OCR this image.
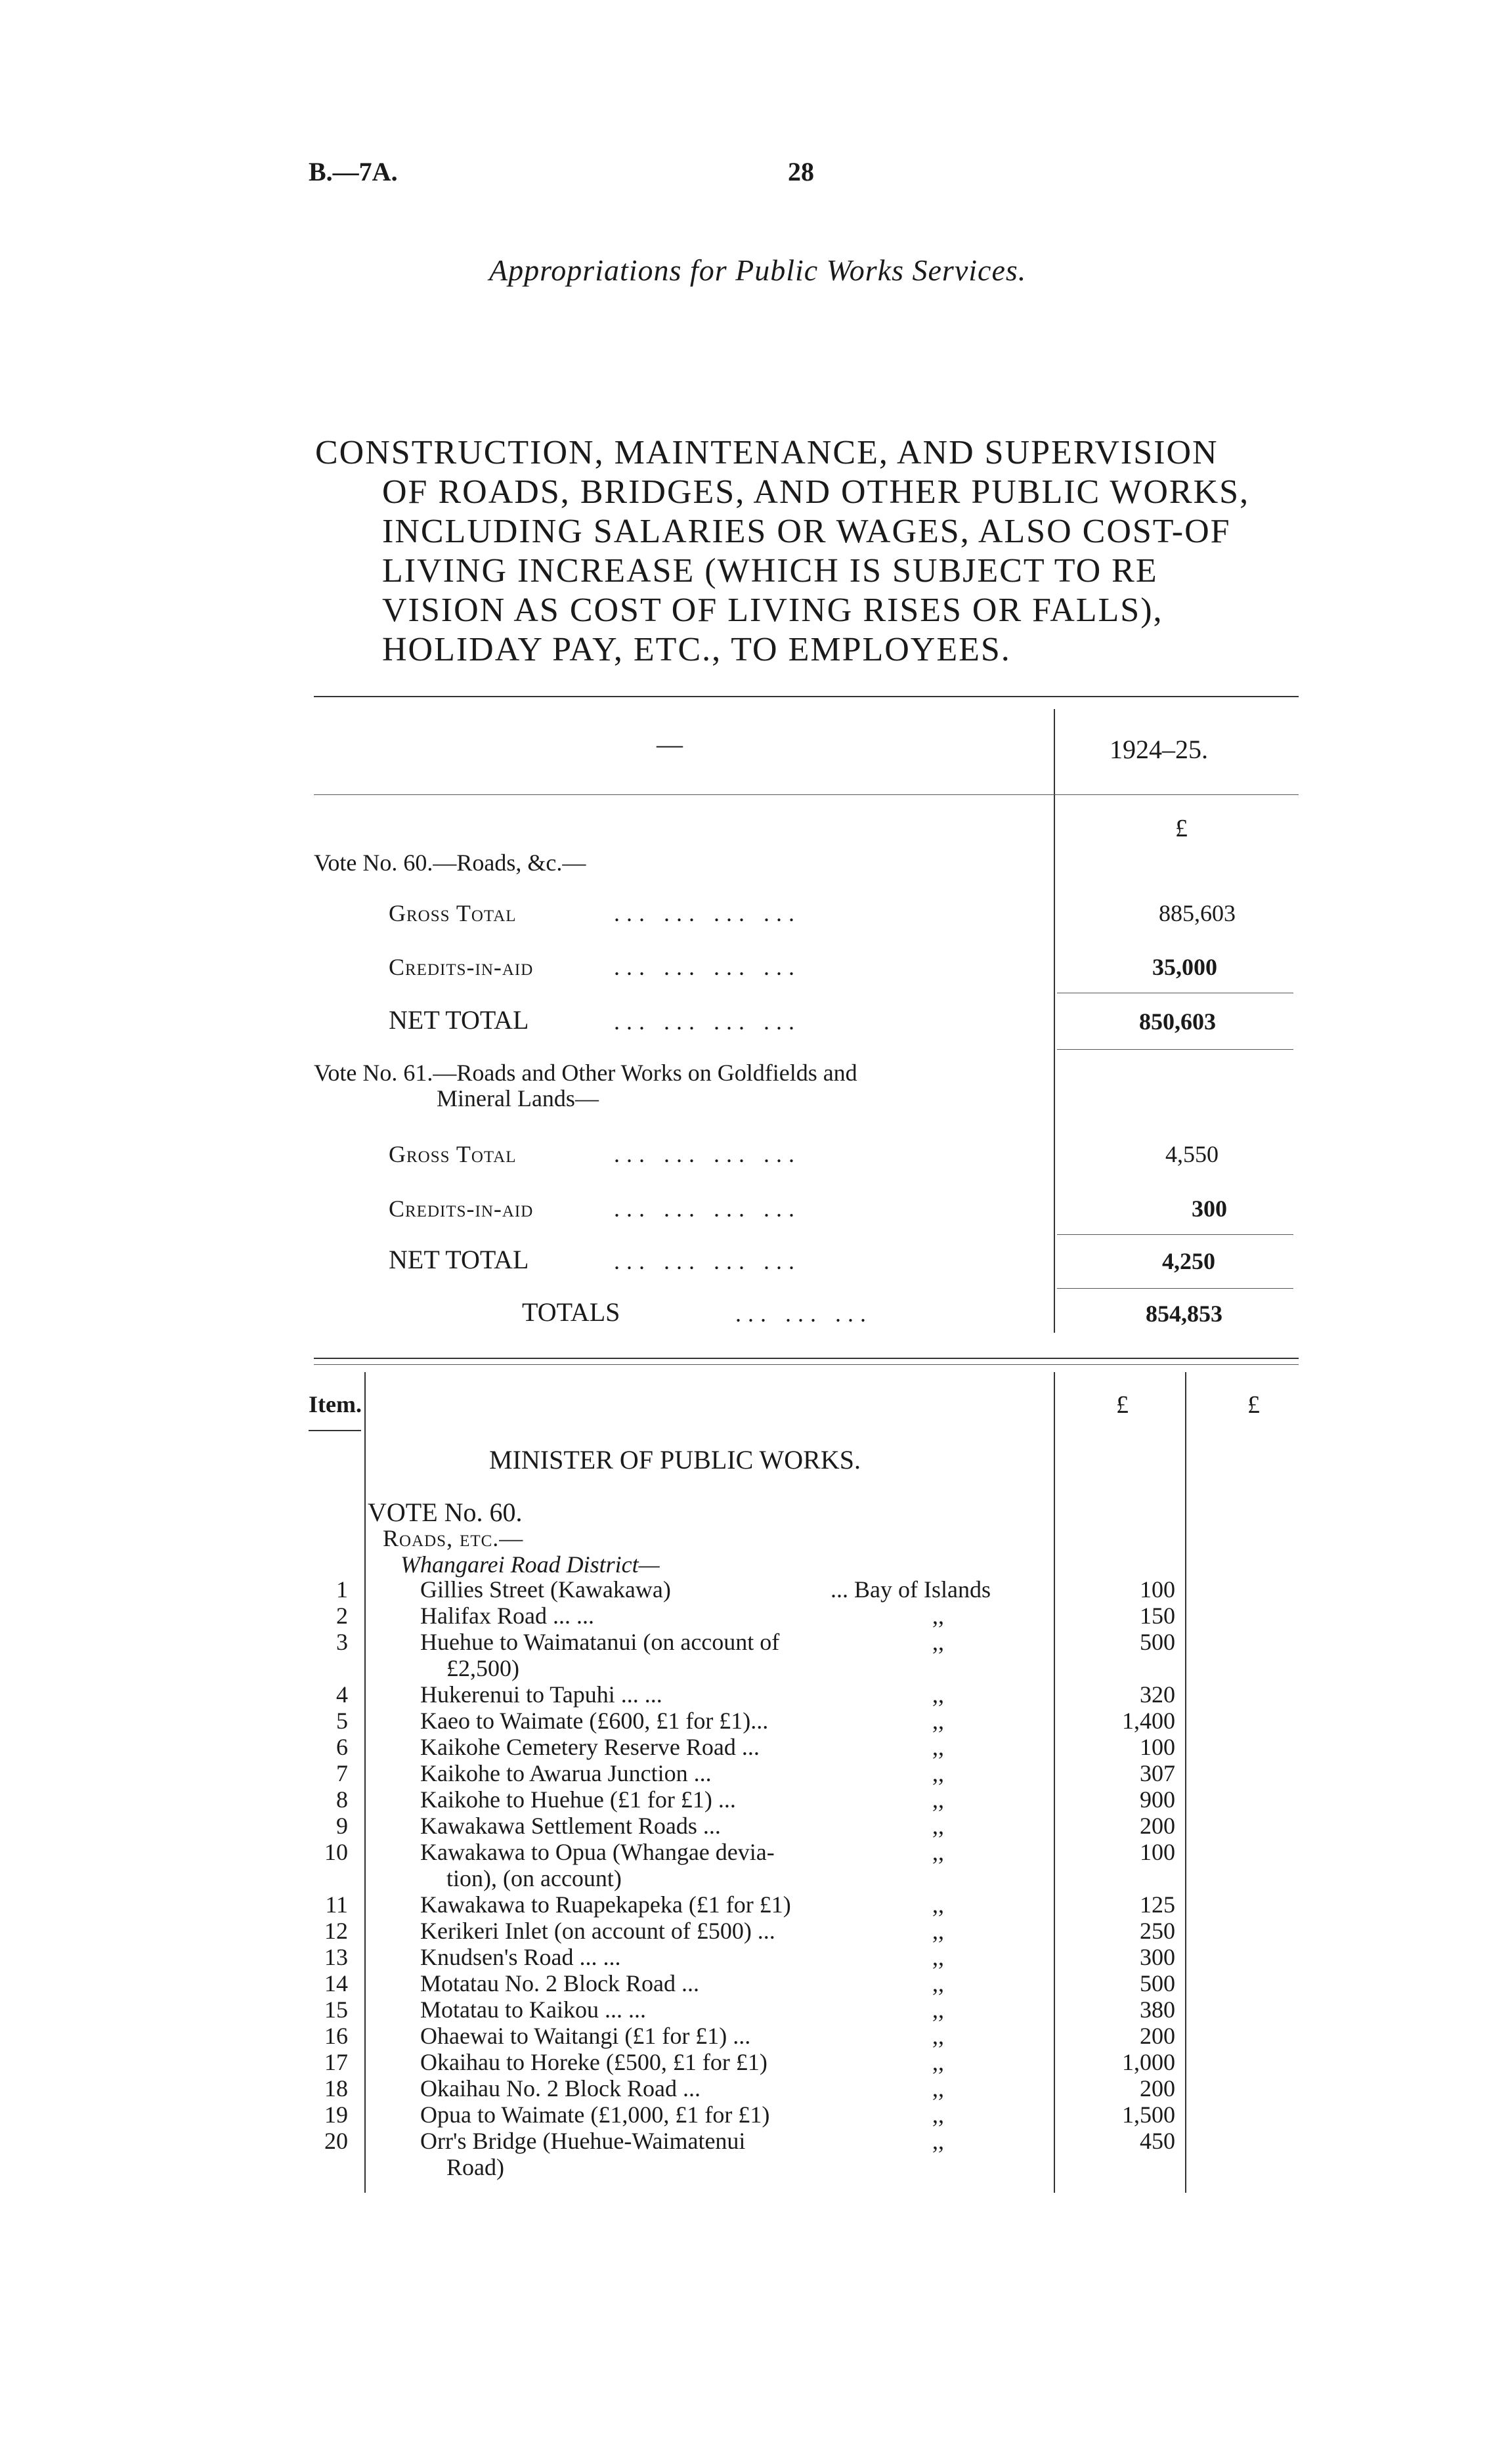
B.—7A.	28
Appropriations for Public Works Services.
CONSTRUCTION, MAINTENANCE, AND SUPERVISION
OF ROADS, BRIDGES, AND OTHER PUBLIC WORKS,
INCLUDING SALARIES OR WAGES, ALSO COST-OF
LIVING INCREASE (WHICH IS SUBJECT TO RE
VISION AS COST OF LIVING RISES OR FALLS),
HOLIDAY PAY, ETC., TO EMPLOYEES.
—	1924–25.
£
Vote No. 60.—Roads, &c.—
Gross Total	... ... ... ...	885,603
Credits-in-aid	... ... ... ...	35,000
NET TOTAL	... ... ... ...	850,603
Vote No. 61.—Roads and Other Works on Goldfields and
Mineral Lands—
Gross Total	... ... ... ...	4,550
Credits-in-aid	... ... ... ...	300
NET TOTAL	... ... ... ...	4,250
TOTALS	... ... ...	854,853
Item.	£	£
MINISTER OF PUBLIC WORKS.
VOTE No. 60.
Roads, etc.—
Whangarei Road District—
1	Gillies Street (Kawakawa)	... Bay of Islands	100
2	Halifax Road ... ...	,,	150
3	Huehue to Waimatanui (on account of	,,	500
£2,500)
4	Hukerenui to Tapuhi ... ...	,,	320
5	Kaeo to Waimate (£600, £1 for £1)...	,,	1,400
6	Kaikohe Cemetery Reserve Road ...	,,	100
7	Kaikohe to Awarua Junction ...	,,	307
8	Kaikohe to Huehue (£1 for £1) ...	,,	900
9	Kawakawa Settlement Roads ...	,,	200
10	Kawakawa to Opua (Whangae devia-	,,	100
tion), (on account)
11	Kawakawa to Ruapekapeka (£1 for £1)	,,	125
12	Kerikeri Inlet (on account of £500) ...	,,	250
13	Knudsen's Road ... ...	,,	300
14	Motatau No. 2 Block Road ...	,,	500
15	Motatau to Kaikou ... ...	,,	380
16	Ohaewai to Waitangi (£1 for £1) ...	,,	200
17	Okaihau to Horeke (£500, £1 for £1)	,,	1,000
18	Okaihau No. 2 Block Road ...	,,	200
19	Opua to Waimate (£1,000, £1 for £1)	,,	1,500
20	Orr's Bridge (Huehue-Waimatenui	,,	450
Road)
